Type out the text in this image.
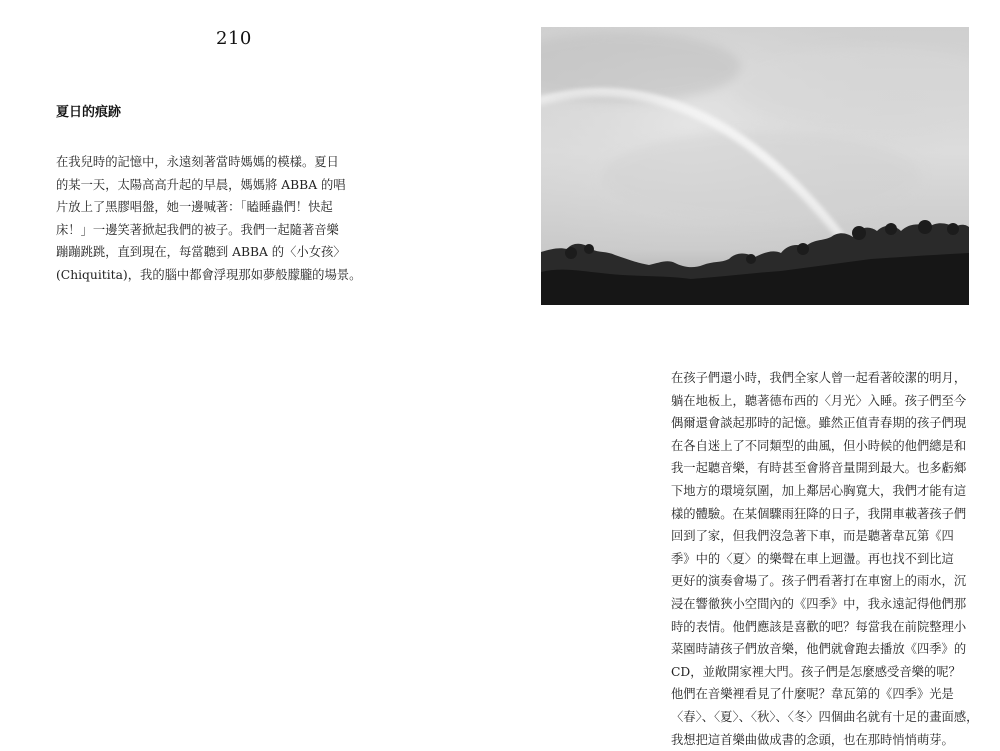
210
夏日的痕跡

在我兒時的記憶中，永遠刻著當時媽媽的模樣。夏日
的某一天，太陽高高升起的早晨，媽媽將 ABBA 的唱
片放上了黑膠唱盤，她一邊喊著：「瞌睡蟲們！快起
床！」一邊笑著掀起我們的被子。我們一起隨著音樂
蹦蹦跳跳，直到現在，每當聽到 ABBA 的〈小女孩〉
(Chiquitita)，我的腦中都會浮現那如夢般朦朧的場景。

在孩子們還小時，我們全家人曾一起看著皎潔的明月，
躺在地板上，聽著德布西的〈月光〉入睡。孩子們至今
偶爾還會談起那時的記憶。雖然正值青春期的孩子們現
在各自迷上了不同類型的曲風，但小時候的他們總是和
我一起聽音樂，有時甚至會將音量開到最大。也多虧鄉
下地方的環境氛圍，加上鄰居心胸寬大，我們才能有這
樣的體驗。在某個驟雨狂降的日子，我開車載著孩子們
回到了家，但我們沒急著下車，而是聽著韋瓦第《四
季》中的〈夏〉的樂聲在車上迴盪。再也找不到比這
更好的演奏會場了。孩子們看著打在車窗上的雨水，沉
浸在響徹狹小空間內的《四季》中，我永遠記得他們那
時的表情。他們應該是喜歡的吧？每當我在前院整理小
菜園時請孩子們放音樂，他們就會跑去播放《四季》的
CD，並敞開家裡大門。孩子們是怎麼感受音樂的呢？
他們在音樂裡看見了什麼呢？韋瓦第的《四季》光是
〈春〉、〈夏〉、〈秋〉、〈冬〉四個曲名就有十足的畫面感，
我想把這首樂曲做成書的念頭，也在那時悄悄萌芽。
